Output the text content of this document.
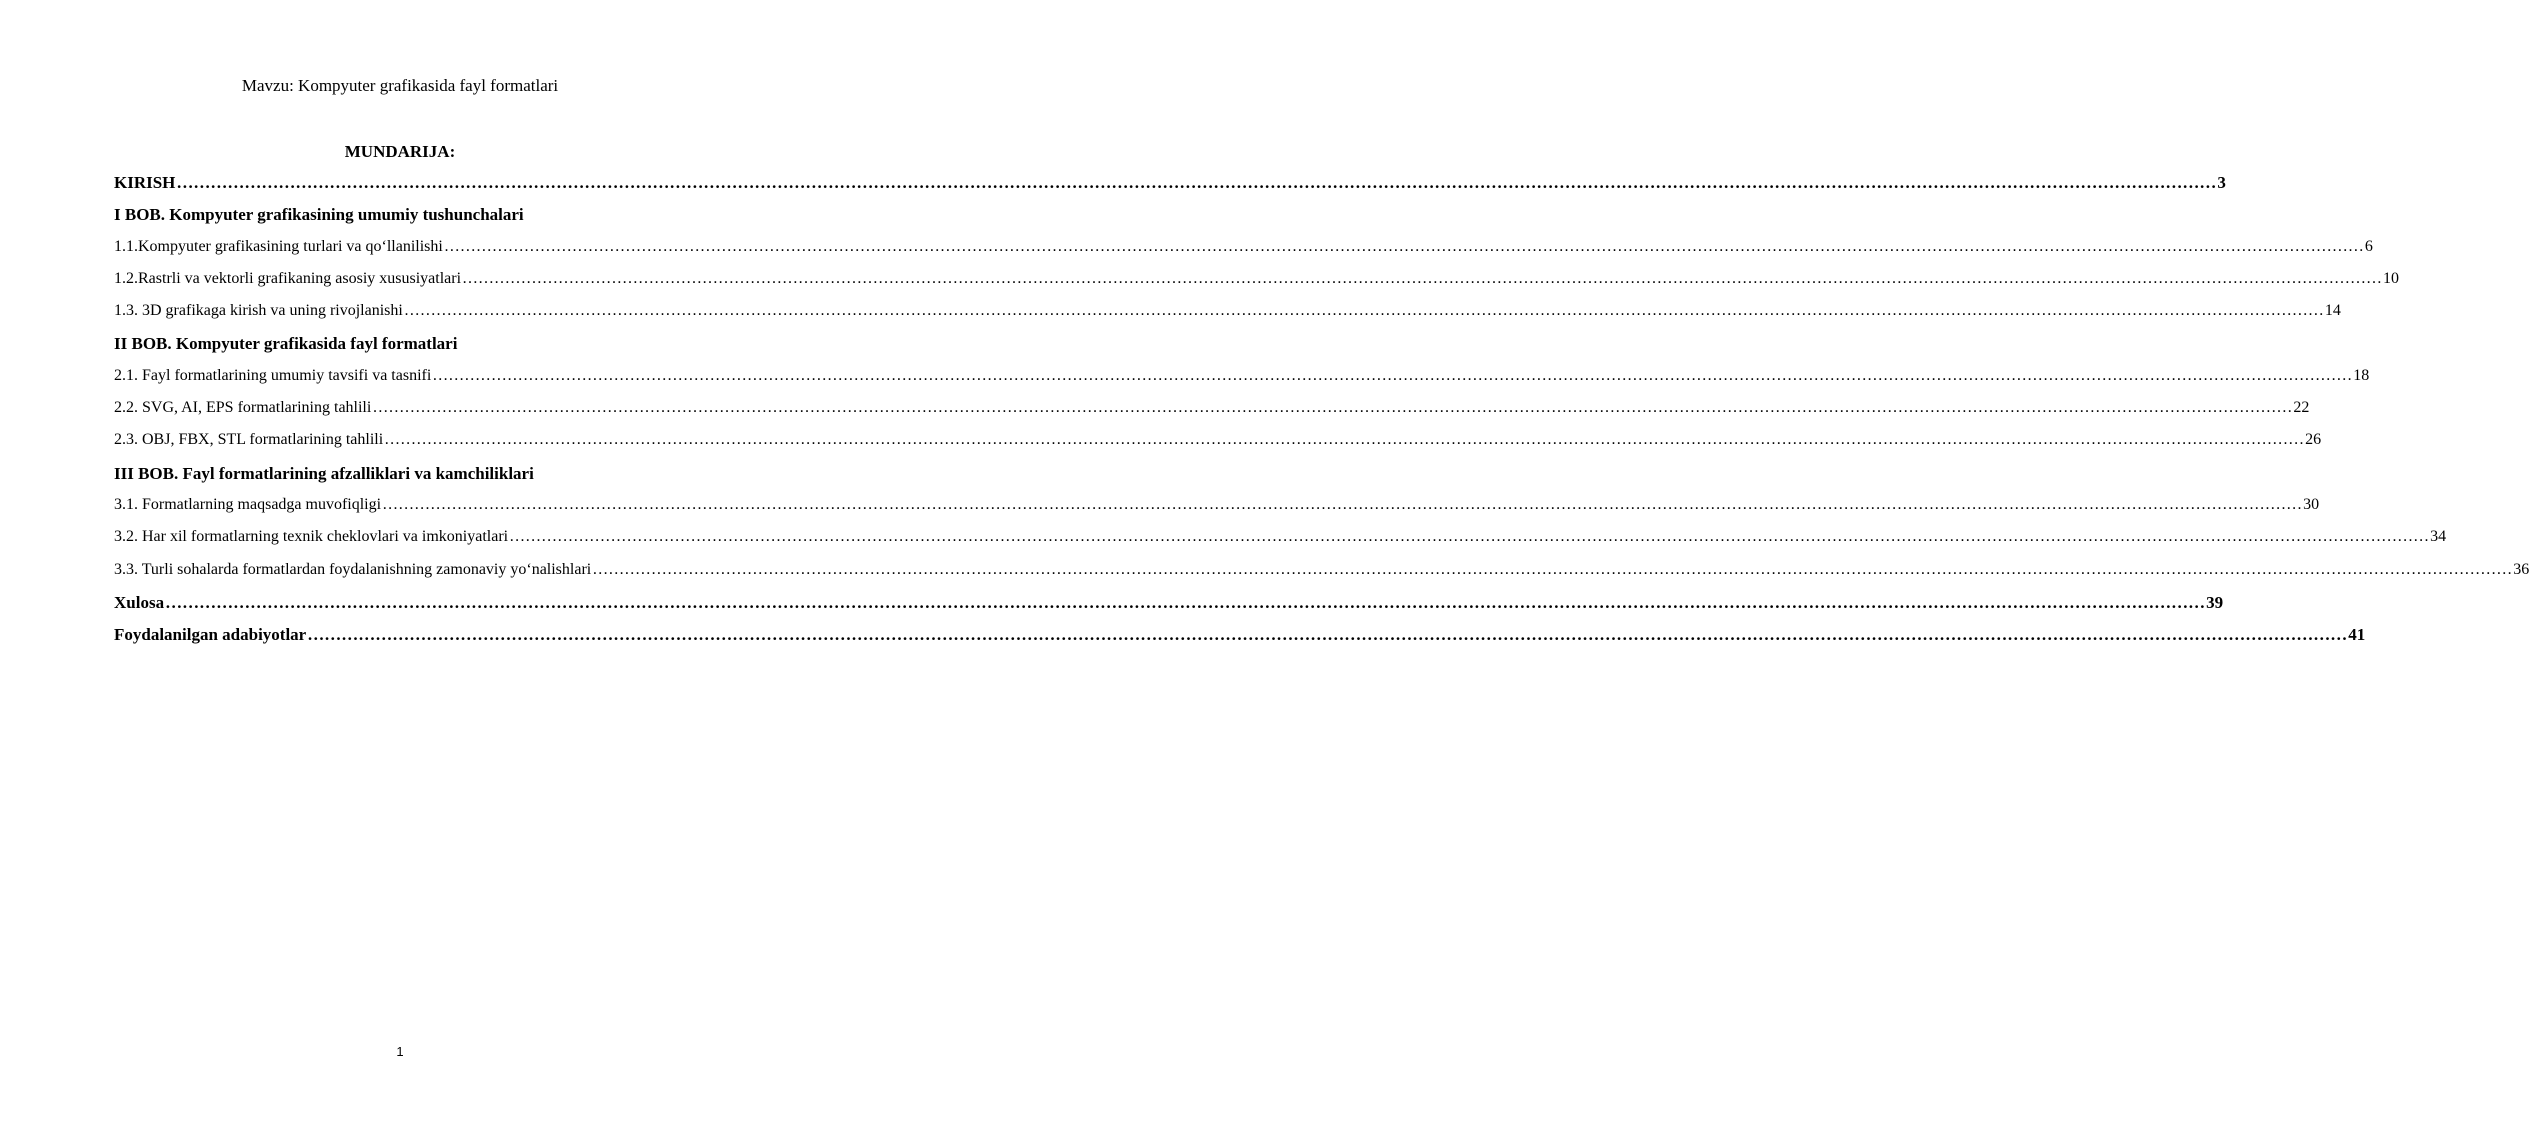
Mavzu: Kompyuter grafikasida fayl formatlari
MUNDARIJA:
KIRISH ……………………………………………………………………………………………………………………………………………………………………………………………………………………………………………………………………………………………………………………………… 3
I BOB. Kompyuter grafikasining umumiy tushunchalari
1.1.Kompyuter grafikasining turlari va qo‘llanilishi ……………………………………………………………………………………………………………………………………………………………………………………………………………………………………………………………………………………………………………………………… 6
1.2.Rastrli va vektorli grafikaning asosiy xususiyatlari ……………………………………………………………………………………………………………………………………………………………………………………………………………………………………………………………………………………………………………………………… 10
1.3. 3D grafikaga kirish va uning rivojlanishi ……………………………………………………………………………………………………………………………………………………………………………………………………………………………………………………………………………………………………………………………… 14
II BOB. Kompyuter grafikasida fayl formatlari
2.1. Fayl formatlarining umumiy tavsifi va tasnifi ……………………………………………………………………………………………………………………………………………………………………………………………………………………………………………………………………………………………………………………………… 18
2.2. SVG, AI, EPS formatlarining tahlili ……………………………………………………………………………………………………………………………………………………………………………………………………………………………………………………………………………………………………………………………… 22
2.3. OBJ, FBX, STL formatlarining tahlili ……………………………………………………………………………………………………………………………………………………………………………………………………………………………………………………………………………………………………………………………… 26
III BOB. Fayl formatlarining afzalliklari va kamchiliklari
3.1. Formatlarning maqsadga muvofiqligi ……………………………………………………………………………………………………………………………………………………………………………………………………………………………………………………………………………………………………………………………… 30
3.2. Har xil formatlarning texnik cheklovlari va imkoniyatlari ……………………………………………………………………………………………………………………………………………………………………………………………………………………………………………………………………………………………………………………………… 34
3.3. Turli sohalarda formatlardan foydalanishning zamonaviy yo‘nalishlari ……………………………………………………………………………………………………………………………………………………………………………………………………………………………………………………………………………………………………………………………… 36
Xulosa ……………………………………………………………………………………………………………………………………………………………………………………………………………………………………………………………………………………………………………………………… 39
Foydalanilgan adabiyotlar ……………………………………………………………………………………………………………………………………………………………………………………………………………………………………………………………………………………………………………………………… 41
1
